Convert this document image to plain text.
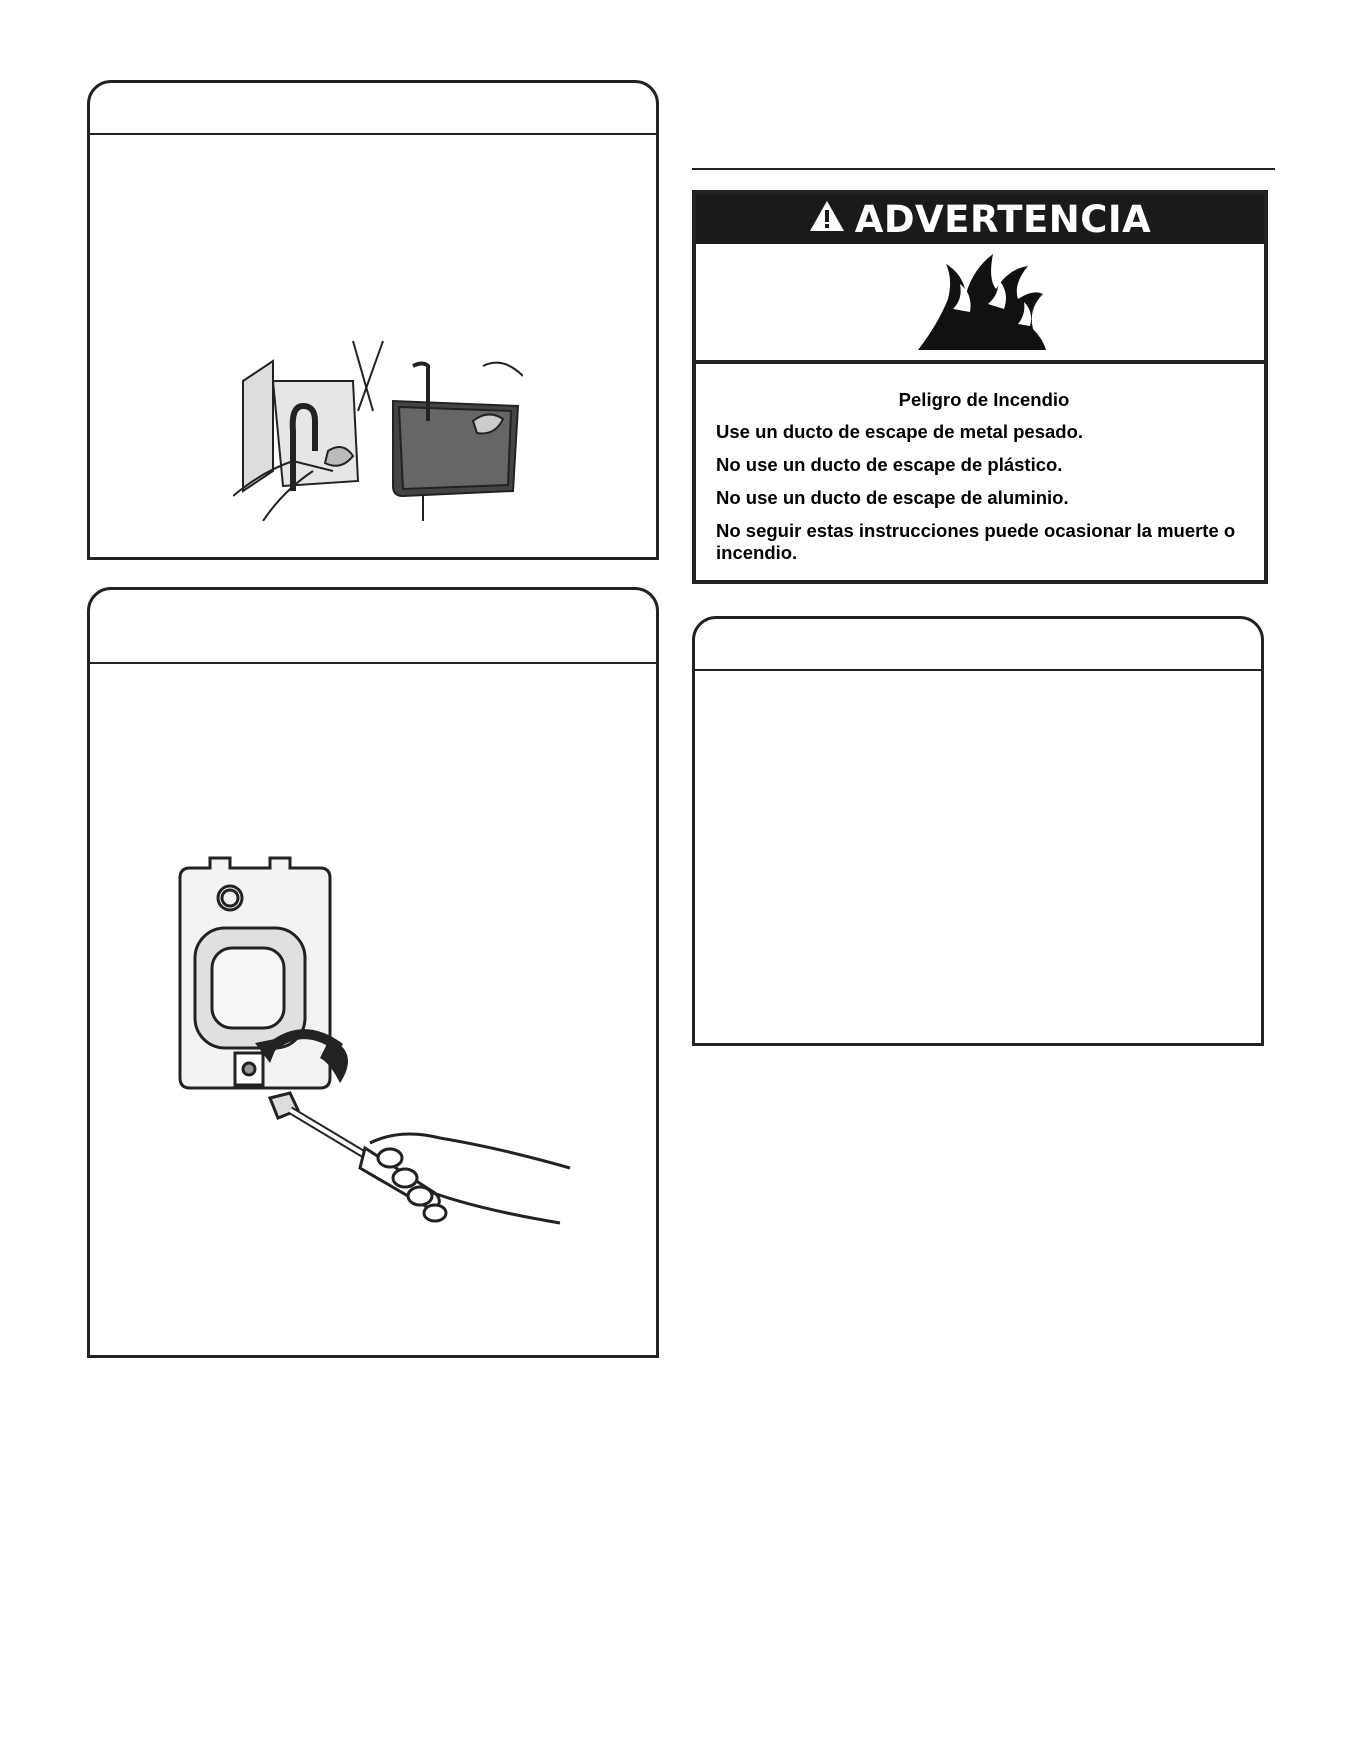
ADVERTENCIA

Peligro de Incendio

Use un ducto de escape de metal pesado.

No use un ducto de escape de plástico.

No use un ducto de escape de aluminio.

No seguir estas instrucciones puede ocasionar la muerte o incendio.
